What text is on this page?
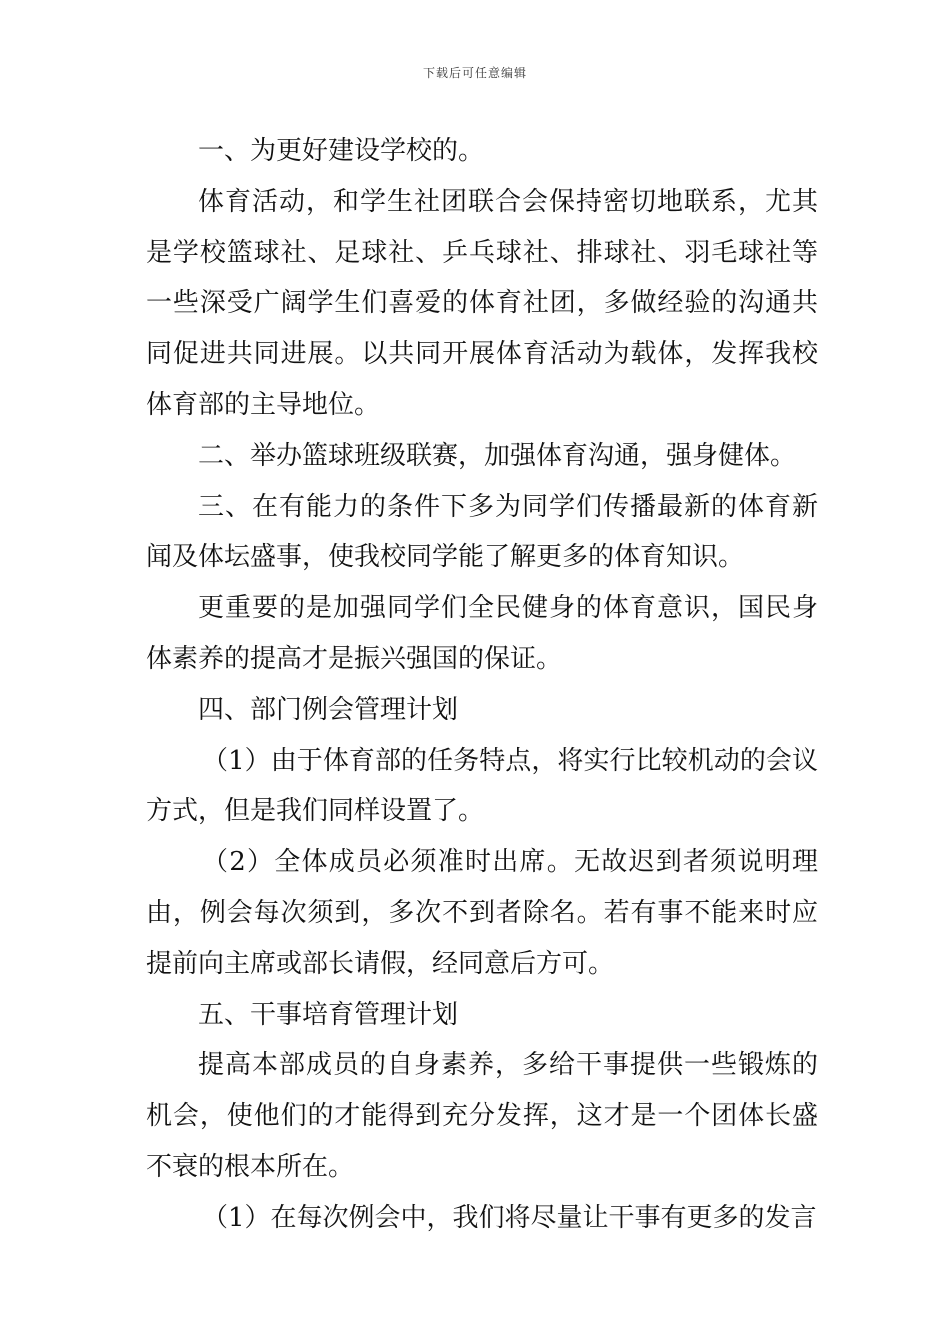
下载后可任意编辑

一、为更好建设学校的。

体育活动，和学生社团联合会保持密切地联系，尤其是学校篮球社、足球社、乒乓球社、排球社、羽毛球社等一些深受广阔学生们喜爱的体育社团，多做经验的沟通共同促进共同进展。以共同开展体育活动为载体，发挥我校体育部的主导地位。

二、举办篮球班级联赛，加强体育沟通，强身健体。

三、在有能力的条件下多为同学们传播最新的体育新闻及体坛盛事，使我校同学能了解更多的体育知识。

更重要的是加强同学们全民健身的体育意识，国民身体素养的提高才是振兴强国的保证。

四、部门例会管理计划

（1）由于体育部的任务特点，将实行比较机动的会议方式，但是我们同样设置了。

（2）全体成员必须准时出席。无故迟到者须说明理由，例会每次须到，多次不到者除名。若有事不能来时应提前向主席或部长请假，经同意后方可。

五、干事培育管理计划

提高本部成员的自身素养，多给干事提供一些锻炼的机会，使他们的才能得到充分发挥，这才是一个团体长盛不衰的根本所在。

（1）在每次例会中，我们将尽量让干事有更多的发言
